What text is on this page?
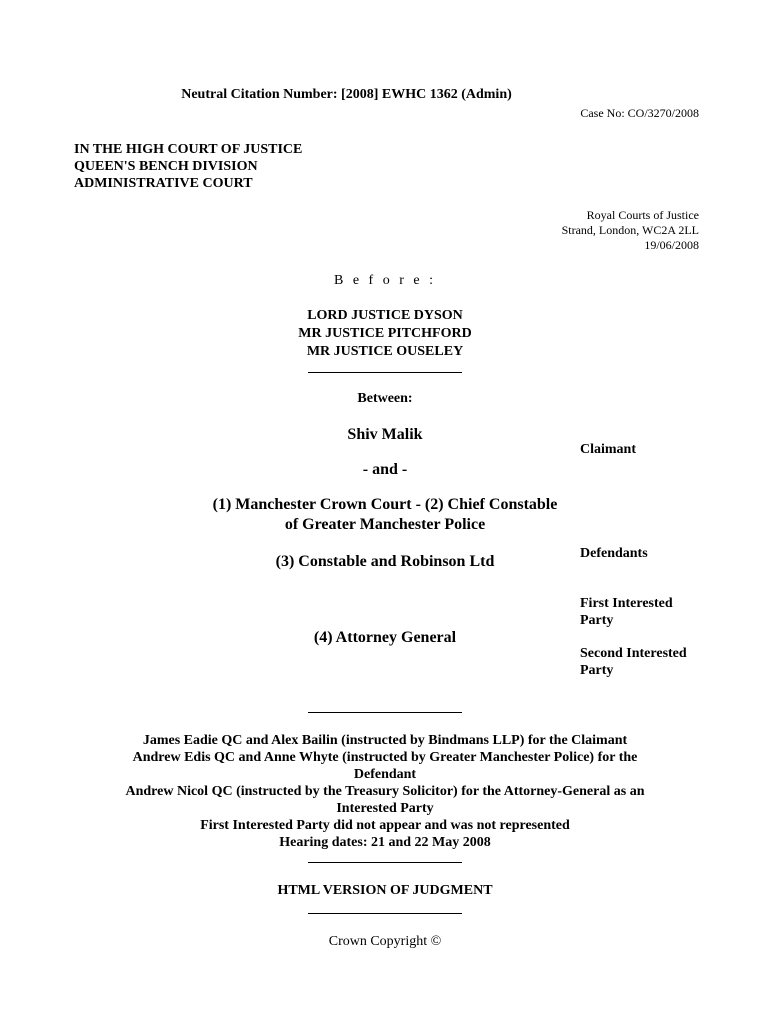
Neutral Citation Number: [2008] EWHC 1362 (Admin)
Case No: CO/3270/2008
IN THE HIGH COURT OF JUSTICE
QUEEN'S BENCH DIVISION
ADMINISTRATIVE COURT
Royal Courts of Justice
Strand, London, WC2A 2LL
19/06/2008
B e f o r e :
LORD JUSTICE DYSON
MR JUSTICE PITCHFORD
MR JUSTICE OUSELEY
Between:
Shiv Malik
Claimant
- and -
(1) Manchester Crown Court - (2) Chief Constable
of Greater Manchester Police
Defendants
(3) Constable and Robinson Ltd
First Interested
Party
(4) Attorney General
Second Interested
Party
James Eadie QC and Alex Bailin (instructed by Bindmans LLP) for the Claimant
Andrew Edis QC and Anne Whyte (instructed by Greater Manchester Police) for the
Defendant
Andrew Nicol QC (instructed by the Treasury Solicitor) for the Attorney-General as an
Interested Party
First Interested Party did not appear and was not represented
Hearing dates: 21 and 22 May 2008
HTML VERSION OF JUDGMENT
Crown Copyright ©
